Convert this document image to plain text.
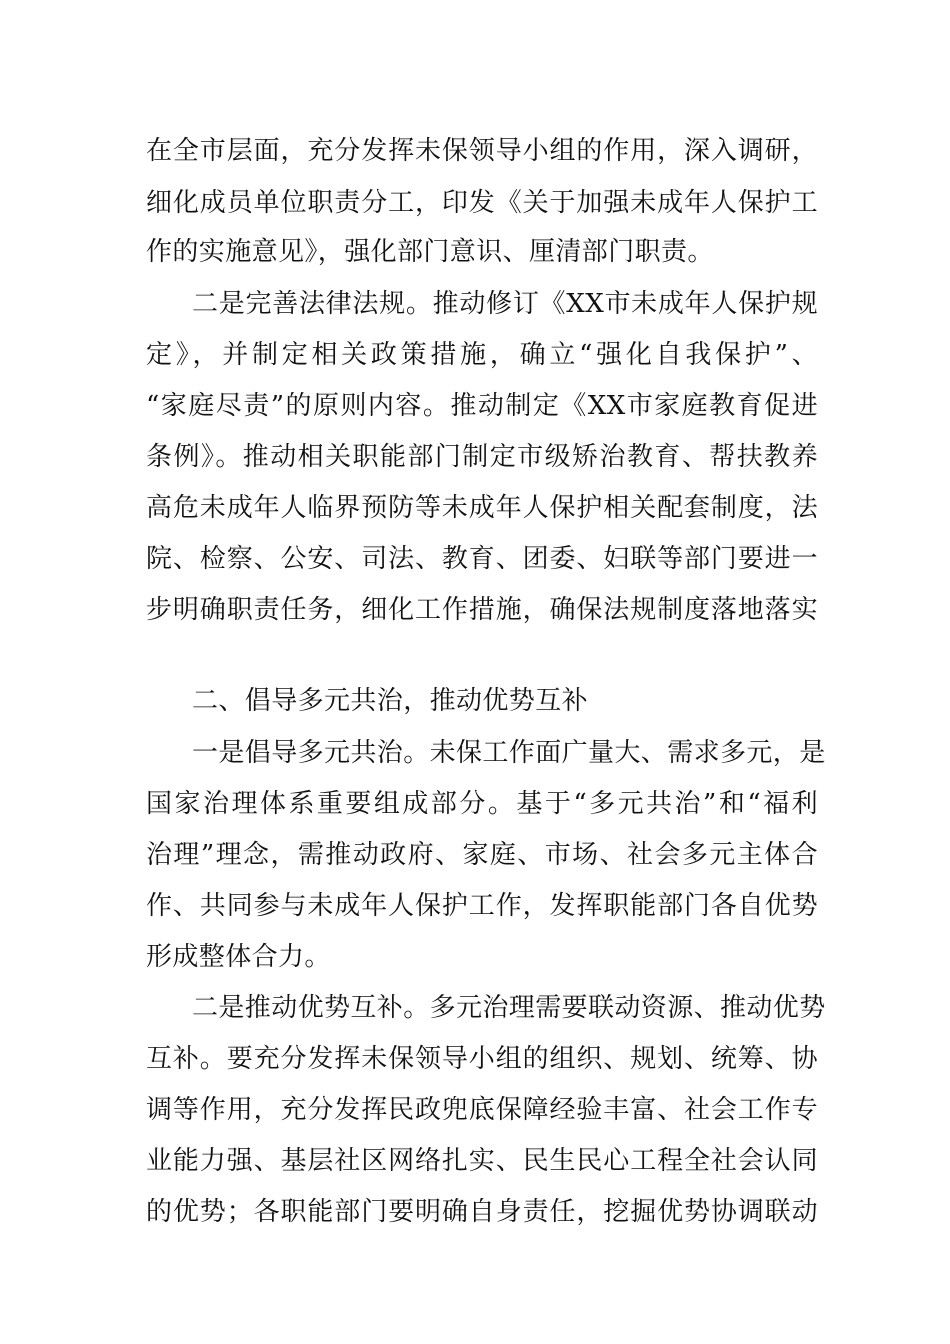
在全市层面，充分发挥未保领导小组的作用，深入调研，
细化成员单位职责分工，印发《关于加强未成年人保护工
作的实施意见》，强化部门意识、厘清部门职责。
二是完善法律法规。推动修订《XX市未成年人保护规
定》，并制定相关政策措施，确立“强化自我保护”、
“家庭尽责”的原则内容。推动制定《XX市家庭教育促进
条例》。推动相关职能部门制定市级矫治教育、帮扶教养
高危未成年人临界预防等未成年人保护相关配套制度，法
院、检察、公安、司法、教育、团委、妇联等部门要进一
步明确职责任务，细化工作措施，确保法规制度落地落实
二、倡导多元共治，推动优势互补
一是倡导多元共治。未保工作面广量大、需求多元，是
国家治理体系重要组成部分。基于“多元共治”和“福利
治理”理念，需推动政府、家庭、市场、社会多元主体合
作、共同参与未成年人保护工作，发挥职能部门各自优势
形成整体合力。
二是推动优势互补。多元治理需要联动资源、推动优势
互补。要充分发挥未保领导小组的组织、规划、统筹、协
调等作用，充分发挥民政兜底保障经验丰富、社会工作专
业能力强、基层社区网络扎实、民生民心工程全社会认同
的优势；各职能部门要明确自身责任，挖掘优势协调联动
